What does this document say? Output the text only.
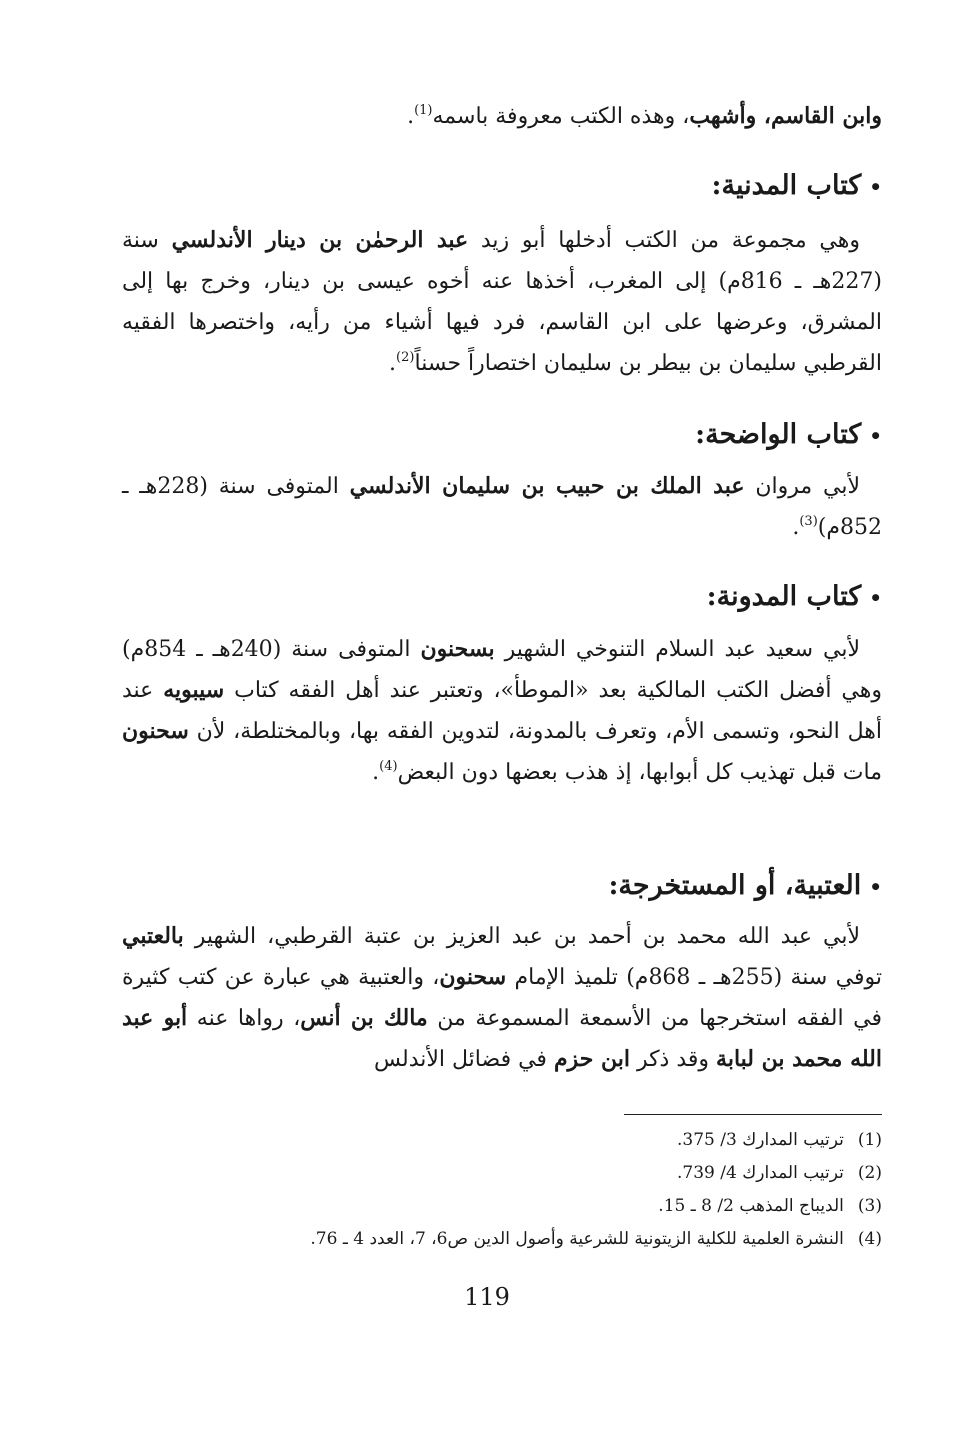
وابن القاسم، وأشهب، وهذه الكتب معروفة باسمه$^{(1)}$.
•كتاب المدنية:
 وهي مجموعة من الكتب أدخلها أبو زيد عبد الرحمٰن بن دينار الأندلسي سنة (227هـ ـ 816م) إلى المغرب، أخذها عنه أخوه عيسى بن دينار، وخرج بها إلى المشرق، وعرضها على ابن القاسم، فرد فيها أشياء من رأيه، واختصرها الفقيه القرطبي سليمان بن بيطر بن سليمان اختصاراً حسناً$^{(2)}$.
•كتاب الواضحة:
 لأبي مروان عبد الملك بن حبيب بن سليمان الأندلسي المتوفى سنة (228هـ ـ 852م)$^{(3)}$.
•كتاب المدونة:
 لأبي سعيد عبد السلام التنوخي الشهير بسحنون المتوفى سنة (240هـ ـ 854م) وهي أفضل الكتب المالكية بعد «الموطأ»، وتعتبر عند أهل الفقه كتاب سيبويه عند أهل النحو، وتسمى الأم، وتعرف بالمدونة، لتدوين الفقه بها، وبالمختلطة، لأن سحنون مات قبل تهذيب كل أبوابها، إذ هذب بعضها دون البعض$^{(4)}$.
•العتبية، أو المستخرجة:
 لأبي عبد الله محمد بن أحمد بن عبد العزيز بن عتبة القرطبي، الشهير بالعتبي توفي سنة (255هـ ـ 868م) تلميذ الإمام سحنون، والعتبية هي عبارة عن كتب كثيرة في الفقه استخرجها من الأسمعة المسموعة من مالك بن أنس، رواها عنه أبو عبد الله محمد بن لبابة وقد ذكر ابن حزم في فضائل الأندلس
(1)ترتيب المدارك 3/ 375.
(2)ترتيب المدارك 4/ 739.
(3)الديباج المذهب 2/ 8 ـ 15.
(4)النشرة العلمية للكلية الزيتونية للشرعية وأصول الدين ص6، 7، العدد 4 ـ 76.
119
